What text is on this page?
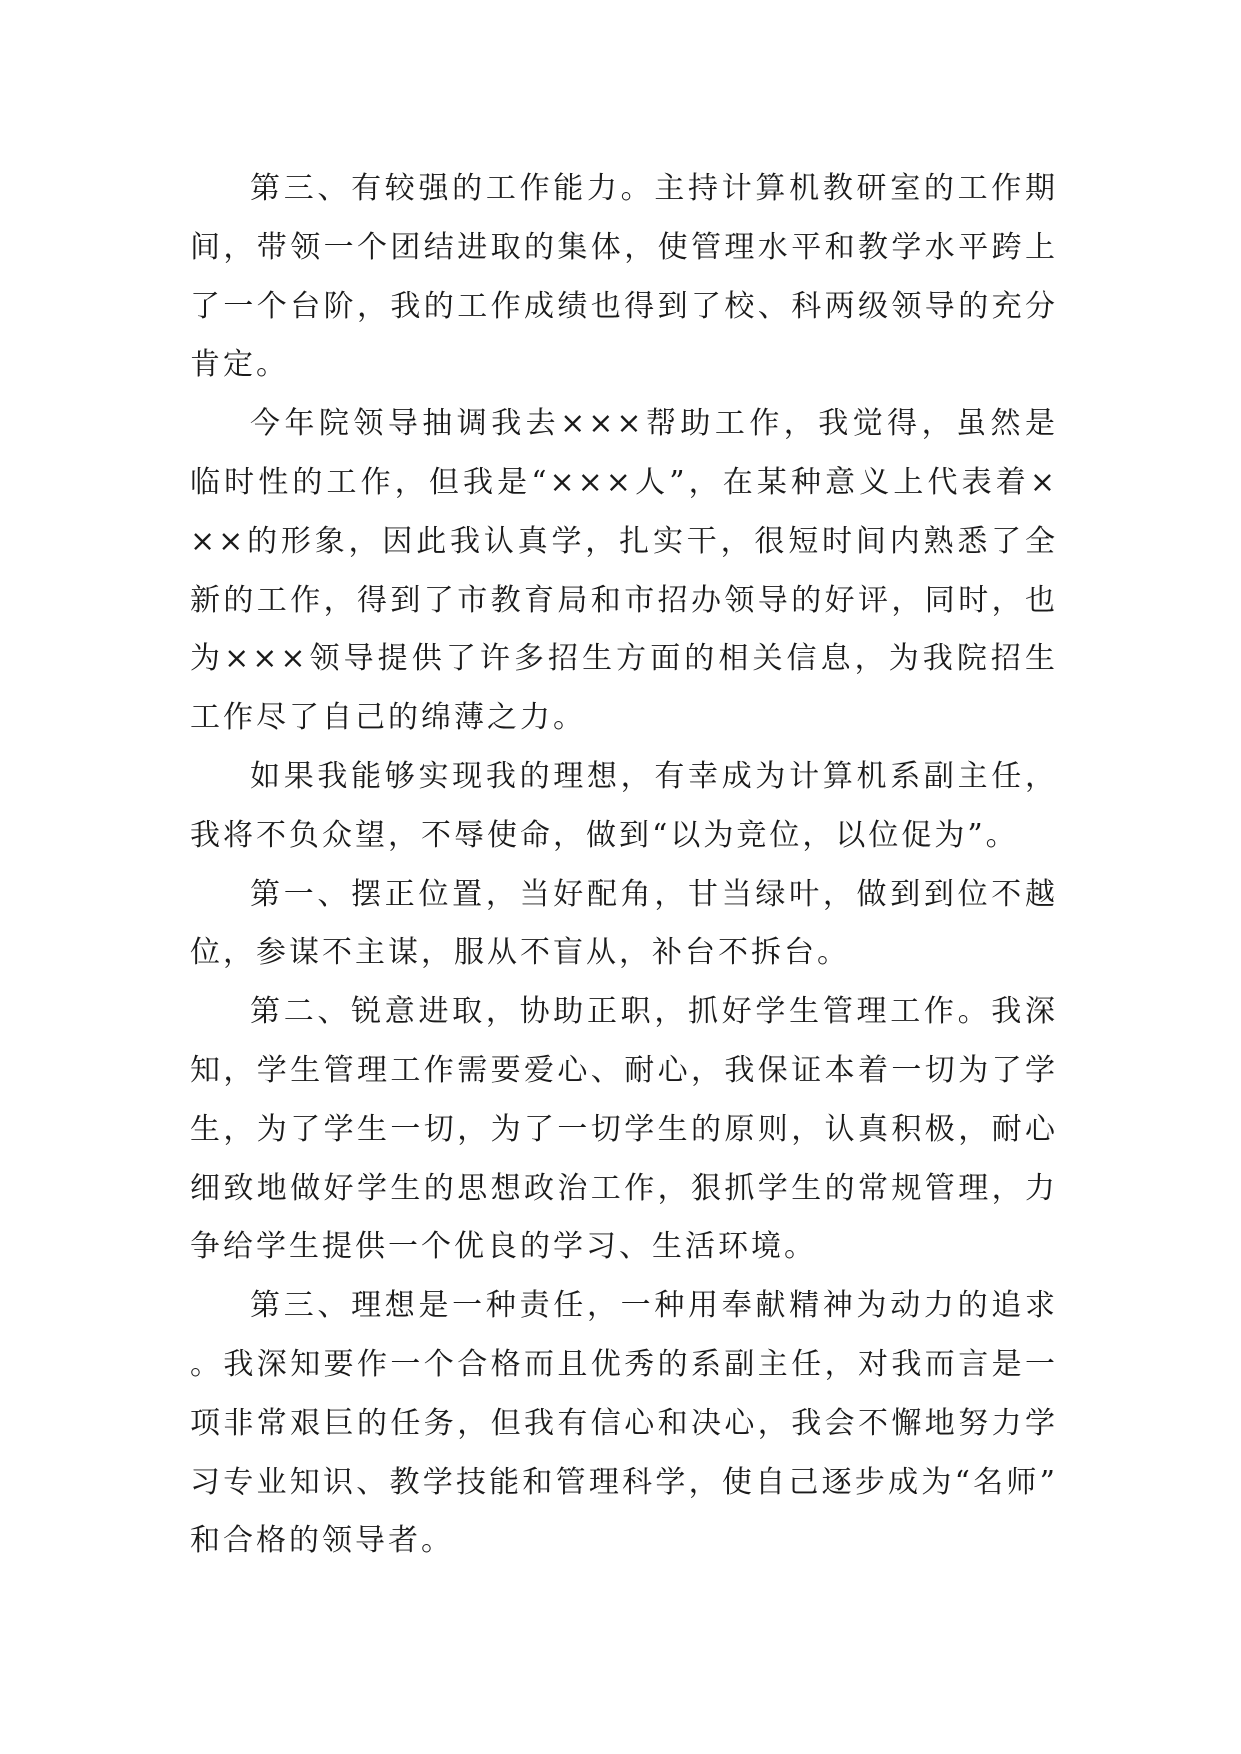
第三、有较强的工作能力。主持计算机教研室的工作期间，带领一个团结进取的集体，使管理水平和教学水平跨上了一个台阶，我的工作成绩也得到了校、科两级领导的充分肯定。

今年院领导抽调我去×××帮助工作，我觉得，虽然是临时性的工作，但我是“×××人”，在某种意义上代表着×××的形象，因此我认真学，扎实干，很短时间内熟悉了全新的工作，得到了市教育局和市招办领导的好评，同时，也为×××领导提供了许多招生方面的相关信息，为我院招生工作尽了自己的绵薄之力。

如果我能够实现我的理想，有幸成为计算机系副主任，我将不负众望，不辱使命，做到“以为竞位，以位促为”。

第一、摆正位置，当好配角，甘当绿叶，做到到位不越位，参谋不主谋，服从不盲从，补台不拆台。

第二、锐意进取，协助正职，抓好学生管理工作。我深知，学生管理工作需要爱心、耐心，我保证本着一切为了学生，为了学生一切，为了一切学生的原则，认真积极，耐心细致地做好学生的思想政治工作，狠抓学生的常规管理，力争给学生提供一个优良的学习、生活环境。

第三、理想是一种责任，一种用奉献精神为动力的追求。我深知要作一个合格而且优秀的系副主任，对我而言是一项非常艰巨的任务，但我有信心和决心，我会不懈地努力学习专业知识、教学技能和管理科学，使自己逐步成为“名师”和合格的领导者。
